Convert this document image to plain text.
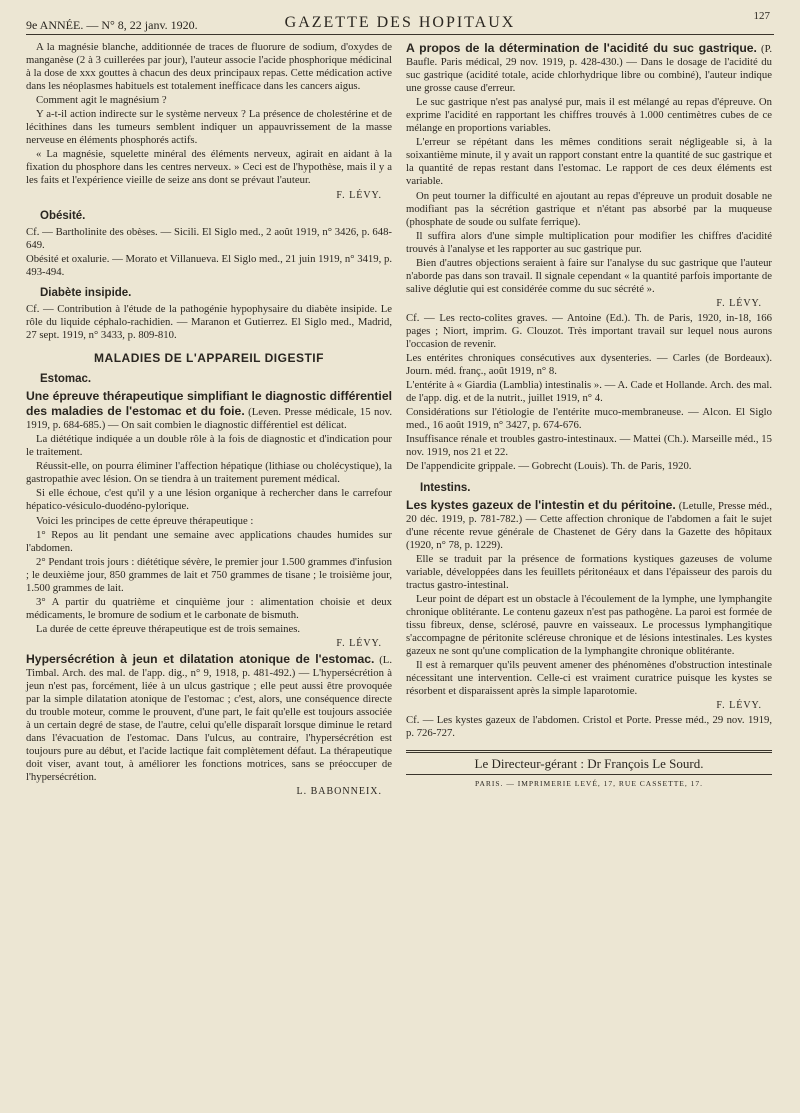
9e ANNÉE. — N° 8, 22 janv. 1920.	GAZETTE DES HOPITAUX	127

A la magnésie blanche, additionnée de traces de fluorure de sodium, d'oxydes de manganèse (2 à 3 cuillerées par jour), l'auteur associe l'acide phosphorique médicinal à la dose de xxx gouttes à chacun des deux principaux repas. Cette médication active dans les néoplasmes habituels est totalement inefficace dans les cancers aigus.

Comment agit le magnésium ?

Y a-t-il action indirecte sur le système nerveux ? La présence de cholestérine et de lécithines dans les tumeurs semblent indiquer un appauvrissement de la masse nerveuse en éléments phosphorés actifs.

« La magnésie, squelette minéral des éléments nerveux, agirait en aidant à la fixation du phosphore dans les centres nerveux. » Ceci est de l'hypothèse, mais il y a les faits et l'expérience vieille de seize ans dont se prévaut l'auteur.

F. LÉVY.
Obésité.

Cf. — Bartholinite des obèses. — Sicili. El Siglo med., 2 août 1919, n° 3426, p. 648-649.

Obésité et oxalurie. — Morato et Villanueva. El Siglo med., 21 juin 1919, n° 3419, p. 493-494.

Diabète insipide.

Cf. — Contribution à l'étude de la pathogénie hypophysaire du diabète insipide. Le rôle du liquide céphalo-rachidien. — Maranon et Gutierrez. El Siglo med., Madrid, 27 sept. 1919, n° 3433, p. 809-810.

MALADIES DE L'APPAREIL DIGESTIF
Estomac.

Une épreuve thérapeutique simplifiant le diagnostic différentiel des maladies de l'estomac et du foie. (Leven. Presse médicale, 15 nov. 1919, p. 684-685.) — On sait combien le diagnostic différentiel est délicat.

La diététique indiquée a un double rôle à la fois de diagnostic et d'indication pour le traitement.

Réussit-elle, on pourra éliminer l'affection hépatique (lithiase ou cholécystique), la gastropathie avec lésion. On se tiendra à un traitement purement médical.

Si elle échoue, c'est qu'il y a une lésion organique à rechercher dans le carrefour hépatico-vésiculo-duodéno-pylorique.

Voici les principes de cette épreuve thérapeutique :

1° Repos au lit pendant une semaine avec applications chaudes humides sur l'abdomen.

2° Pendant trois jours : diététique sévère, le premier jour 1.500 grammes d'infusion ; le deuxième jour, 850 grammes de lait et 750 grammes de tisane ; le troisième jour, 1.500 grammes de lait.

3° A partir du quatrième et cinquième jour : alimentation choisie et deux médicaments, le bromure de sodium et le carbonate de bismuth.

La durée de cette épreuve thérapeutique est de trois semaines.

F. LÉVY.

Hypersécrétion à jeun et dilatation atonique de l'estomac. (L. Timbal. Arch. des mal. de l'app. dig., n° 9, 1918, p. 481-492.) — L'hypersécrétion à jeun n'est pas, forcément, liée à un ulcus gastrique ; elle peut aussi être provoquée par la simple dilatation atonique de l'estomac ; c'est, alors, une conséquence directe du trouble moteur, comme le prouvent, d'une part, le fait qu'elle est toujours associée à un certain degré de stase, de l'autre, celui qu'elle disparaît lorsque diminue le retard dans l'évacuation de l'estomac. Dans l'ulcus, au contraire, l'hypersécrétion est toujours pure au début, et l'acide lactique fait complètement défaut. La thérapeutique doit viser, avant tout, à améliorer les fonctions motrices, sans se préoccuper de l'hypersécrétion.

L. BABONNEIX.

A propos de la détermination de l'acidité du suc gastrique. (P. Baufle. Paris médical, 29 nov. 1919, p. 428-430.) — Dans le dosage de l'acidité du suc gastrique (acidité totale, acide chlorhydrique libre ou combiné), l'auteur indique une grosse cause d'erreur.

Le suc gastrique n'est pas analysé pur, mais il est mélangé au repas d'épreuve. On exprime l'acidité en rapportant les chiffres trouvés à 1.000 centimètres cubes de ce mélange en proportions variables.

L'erreur se répétant dans les mêmes conditions serait négligeable si, à la soixantième minute, il y avait un rapport constant entre la quantité de suc gastrique et la quantité de repas restant dans l'estomac. Le rapport de ces deux éléments est variable.

On peut tourner la difficulté en ajoutant au repas d'épreuve un produit dosable ne modifiant pas la sécrétion gastrique et n'étant pas absorbé par la muqueuse (phosphate de soude ou sulfate ferrique).

Il suffira alors d'une simple multiplication pour modifier les chiffres d'acidité trouvés à l'analyse et les rapporter au suc gastrique pur.

Bien d'autres objections seraient à faire sur l'analyse du suc gastrique que l'auteur n'aborde pas dans son travail. Il signale cependant « la quantité parfois importante de salive déglutie qui est considérée comme du suc sécrété ».

F. LÉVY.

Cf. — Les recto-colites graves. — Antoine (Ed.). Th. de Paris, 1920, in-18, 166 pages ; Niort, imprim. G. Clouzot. Très important travail sur lequel nous aurons l'occasion de revenir.

Les entérites chroniques consécutives aux dysenteries. — Carles (de Bordeaux). Journ. méd. franç., août 1919, n° 8.

L'entérite à « Giardia (Lamblia) intestinalis ». — A. Cade et Hollande. Arch. des mal. de l'app. dig. et de la nutrit., juillet 1919, n° 4.

Considérations sur l'étiologie de l'entérite muco-membraneuse. — Alcon. El Siglo med., 16 août 1919, n° 3427, p. 674-676.

Insuffisance rénale et troubles gastro-intestinaux. — Mattei (Ch.). Marseille méd., 15 nov. 1919, nos 21 et 22.

De l'appendicite grippale. — Gobrecht (Louis). Th. de Paris, 1920.

Intestins.

Les kystes gazeux de l'intestin et du péritoine. (Letulle, Presse méd., 20 déc. 1919, p. 781-782.) — Cette affection chronique de l'abdomen a fait le sujet d'une récente revue générale de Chastenet de Géry dans la Gazette des hôpitaux (1920, n° 78, p. 1229).

Elle se traduit par la présence de formations kystiques gazeuses de volume variable, développées dans les feuillets péritonéaux et dans l'épaisseur des parois du tractus gastro-intestinal.

Leur point de départ est un obstacle à l'écoulement de la lymphe, une lymphangite chronique oblitérante. Le contenu gazeux n'est pas pathogène. La paroi est formée de tissu fibreux, dense, sclérosé, pauvre en vaisseaux. Le processus lymphangitique s'accompagne de péritonite scléreuse chronique et de lésions intestinales. Les kystes gazeux ne sont qu'une complication de la lymphangite chronique oblitérante.

Il est à remarquer qu'ils peuvent amener des phénomènes d'obstruction intestinale nécessitant une intervention. Celle-ci est vraiment curatrice puisque les kystes se résorbent et disparaissent après la simple laparotomie.

F. LÉVY.

Cf. — Les kystes gazeux de l'abdomen. Cristol et Porte. Presse méd., 29 nov. 1919, p. 726-727.

Le Directeur-gérant : Dr François Le Sourd.
PARIS. — IMPRIMERIE LEVÉ, 17, RUE CASSETTE, 17.
